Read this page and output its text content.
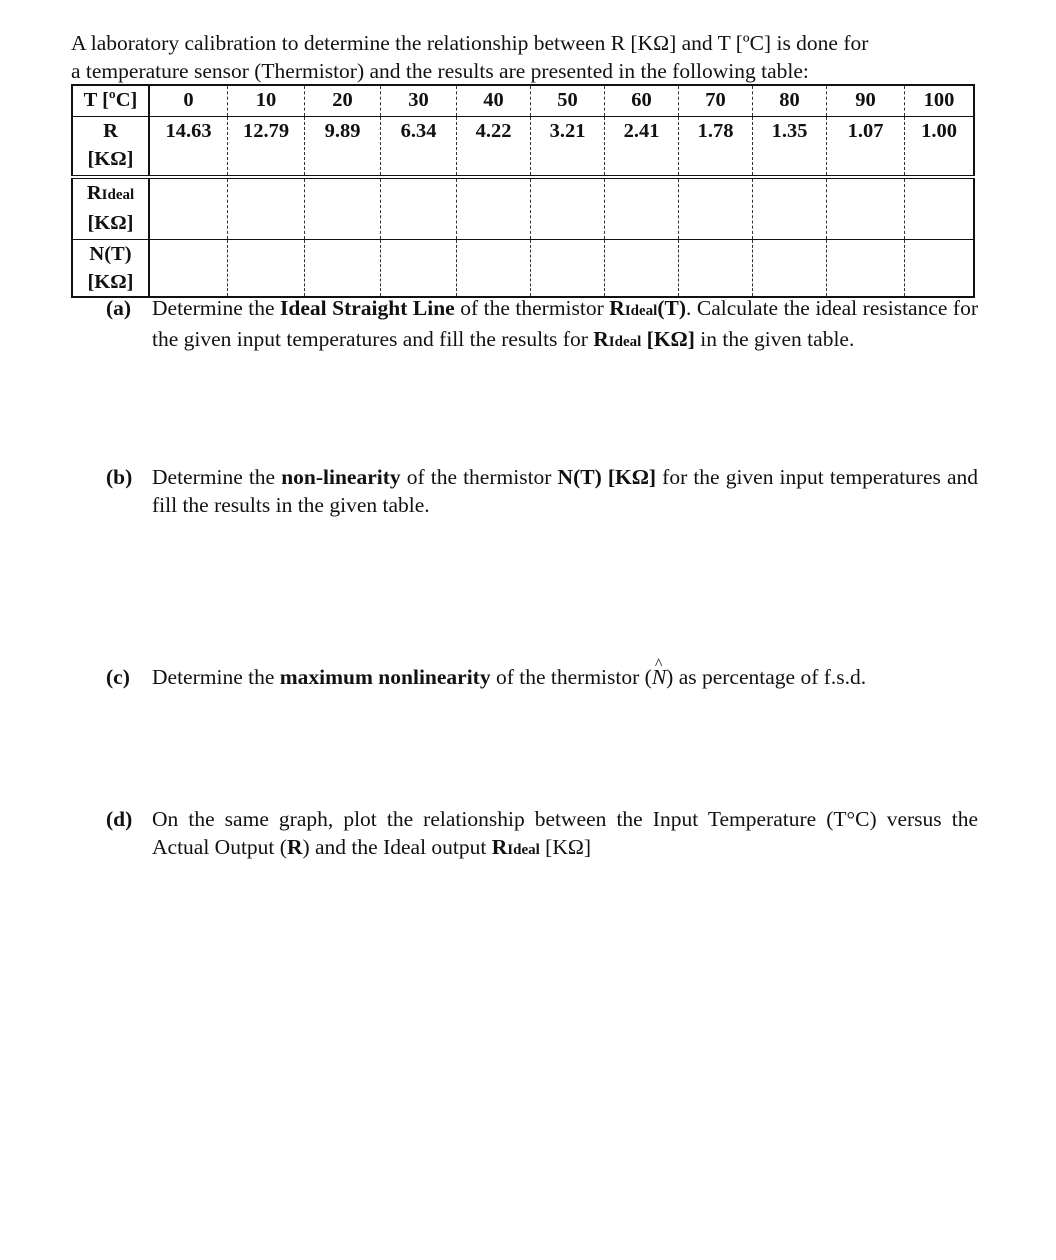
A laboratory calibration to determine the relationship between R [KΩ] and T [ºC] is done for
a temperature sensor (Thermistor) and the results are presented in the following table:
T [ºC]	0	10	20	30	40	50	60	70	80	90	100

R
[KΩ]	14.63	12.79	9.89	6.34	4.22	3.21	2.41	1.78	1.35	1.07	1.00

RIdeal
[KΩ]											

N(T)
[KΩ]											

(a) Determine the Ideal Straight Line of the thermistor RIdeal(T). Calculate the ideal resistance for the given input temperatures and fill the results for RIdeal [KΩ] in the given table.
(b) Determine the non-linearity of the thermistor N(T) [KΩ] for the given input temperatures and fill the results in the given table.
(c) Determine the maximum nonlinearity of the thermistor (^ N) as percentage of f.s.d.
(d) On the same graph, plot the relationship between the Input Temperature (T°C) versus the Actual Output (R) and the Ideal output RIdeal [KΩ]
